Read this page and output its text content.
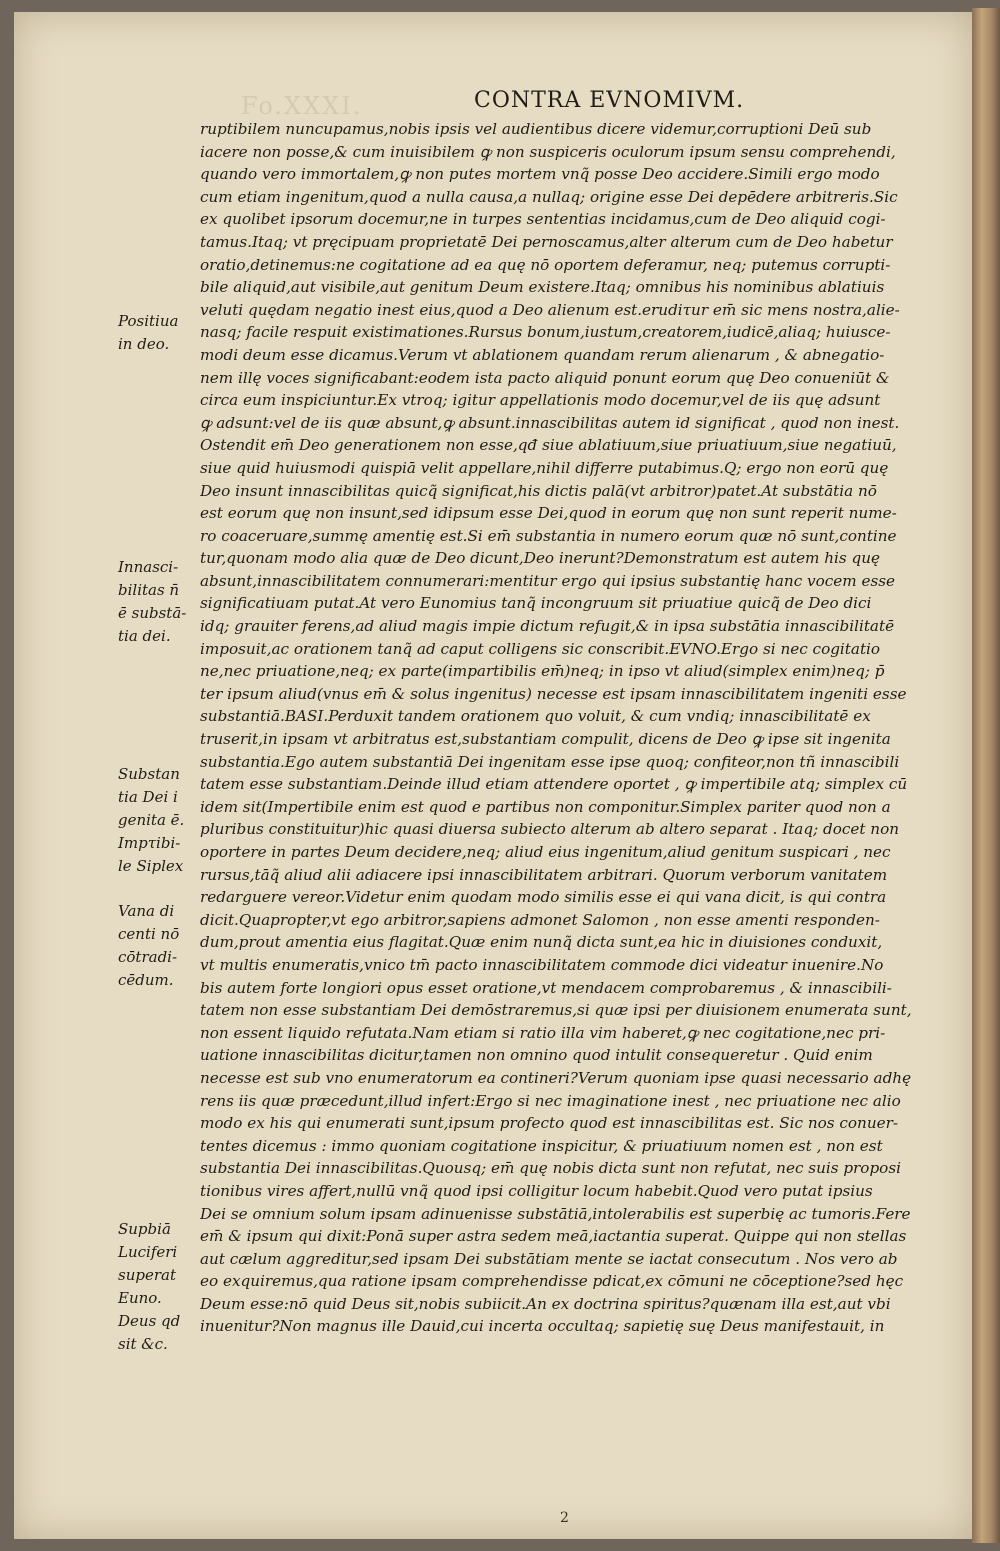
Fo.XXXI.	CONTRA EVNOMIVM.
ruptibilem nuncupamus,nobis ipsis vel audientibus dicere videmur,corruptioni Deū sub
iacere non posse,& cum inuisibilem ꝙ non suspiceris oculorum ipsum sensu comprehendi,
quando vero immortalem,ꝙ non putes mortem vnq̃ posse Deo accidere.Simili ergo modo
cum etiam ingenitum,quod a nulla causa,a nullaq; origine esse Dei depēdere arbitreris.Sic
ex quolibet ipsorum docemur,ne in turpes sententias incidamus,cum de Deo aliquid cogi-
tamus.Itaq; vt pręcipuam proprietatē Dei pernoscamus,alter alterum cum de Deo habetur
oratio,detinemus:ne cogitatione ad ea quę nō oporteт deferamur, neq; putemus corrupti-
bile aliquid,aut visibile,aut genitum Deum existere.Itaq; omnibus his nominibus ablatiuis
veluti quędam negatio inest eius,quod a Deo alienum est.erudiτur em̄ sic mens nostra,alie-
nasq; facile respuit existimationes.Rursus bonum,iustum,creatorem,iudicē,aliaq; huiusce-
modi deum esse dicamus.Verum vt ablationem quandam rerum alienarum , & abnegatio-
nem illę voces significabant:eodem ista pacto aliquid ponunt eorum quę Deo conueniūt &
circa eum inspiciuntur.Ex vtroq; igitur appellationis modo docemur,vel de iis quę adsunt
ꝙ adsunt:vel de iis quæ absunt,ꝙ absunt.innascibilitas autem id significat , quod non inest.
Ostendit em̄ Deo generationem non esse,qđ siue ablatiuum,siue priuatiuum,siue negatiuū,
siue quid huiusmodi quispiā velit appellare,nihil differre putabimus.Q; ergo non eorū quę
Deo insunt innascibilitas quicq̃ significat,his dictis palā(vt arbitror)patet.At substātia nō
est eorum quę non insunt,sed idipsum esse Dei,quod in eorum quę non sunt reperit nume-
ro coaceruare,summę amentię est.Si em̄ substantia in numero eorum quæ nō sunt,contine
tur,quonam modo alia quæ de Deo dicunt,Deo inerunt?Demonstratum est autem his quę
absunt,innascibilitatem connumerari:mentitur ergo qui ipsius substantię hanc vocem esse
significatiuam putat.At vero Eunomius tanq̃ incongruum sit priuatiue quicq̃ de Deo dici
idq; grauiter ferens,ad aliud magis impie dictum refugit,& in ipsa substātia innascibilitatē
imposuit,ac orationem tanq̃ ad caput colligens sic conscribit.EVNO.Ergo si nec cogitatio
ne,nec priuatione,neq; ex parte(impartibilis em̄)neq; in ipso vt aliud(simplex enim)neq; p̄
ter ipsum aliud(vnus em̄ & solus ingenitus) necesse est ipsam innascibilitatem ingeniti esse
substantiā.BASI.Perduxit tandem orationem quo voluit, & cum vndiq; innascibilitatē ex
truserit,in ipsam vt arbitratus est,substantiam compulit, dicens de Deo ꝙ ipse sit ingenita
substantia.Ego autem substantiā Dei ingenitam esse ipse quoq; confiteor,non tñ innascibili
tatem esse substantiam.Deinde illud etiam attendere oportet , ꝙ impertibile atq; simplex cū
idem sit(Impertibile enim est quod e partibus non componitur.Simplex pariter quod non a
pluribus constituitur)hic quasi diuersa subiecto alterum ab altero separat . Itaq; docet non
oportere in partes Deum decidere,neq; aliud eius ingenitum,aliud genitum suspicari , nec
rursus,tāq̃ aliud alii adiacere ipsi innascibilitatem arbitrari. Quorum verborum vanitatem
redarguere vereor.Videtur enim quodam modo similis esse ei qui vana dicit, is qui contra
dicit.Quapropter,vt ego arbitror,sapiens admonet Salomon , non esse amenti responden-
dum,prout amentia eius flagitat.Quæ enim nunq̃ dicta sunt,ea hic in diuisiones conduxit,
vt multis enumeratis,vnico tm̄ pacto innascibilitatem commode dici videatur inuenire.No
bis autem forte longiori opus esset oratione,vt mendacem comprobaremus , & innascibili-
tatem non esse substantiam Dei demōstraremus,si quæ ipsi per diuisionem enumerata sunt,
non essent liquido refutata.Nam etiam si ratio illa vim haberet,ꝙ nec cogitatione,nec pri-
uatione innascibilitas dicitur,tamen non omnino quod intulit consequeretur . Quid enim
necesse est sub vno enumeratorum ea contineri?Verum quoniam ipse quasi necessario adhę
rens iis quæ præcedunt,illud infert:Ergo si nec imaginatione inest , nec priuatione nec alio
modo ex his qui enumerati sunt,ipsum profecto quod est innascibilitas est. Sic nos conuer-
tentes dicemus : immo quoniam cogitatione inspicitur, & priuatiuum nomen est , non est
substantia Dei innascibilitas.Quousq; em̄ quę nobis dicta sunt non refutat, nec suis proposi
tionibus vires affert,nullū vnq̃ quod ipsi colligitur locum habebit.Quod vero putat ipsius
Dei se omnium solum ipsam adinuenisse substātiā,intolerabilis est superbię ac tumoris.Fere
em̄ & ipsum qui dixit:Ponā super astra sedem meā,iactantia superat. Quippe qui non stellas
aut cælum aggreditur,sed ipsam Dei substātiam mente se iactat consecutum . Nos vero ab
eo exquiremus,qua ratione ipsam comprehendisse pdicat,ex cōmuni ne cōceptione?sed hęc
Deum esse:nō quid Deus sit,nobis subiicit.An ex doctrina spiritus?quænam illa est,aut vbi
inuenitur?Non magnus ille Dauid,cui incerta occultaq; sapietię suę Deus manifestauit, in
Positiua
in deo.
Innasci-
bilitas n̄
ē substā-
tia dei.
Substan
tia Dei i
genita ē.
Impτibi-
le Siplex
Vana di
centi nō
cōtradi-
cēdum.
Supbiā
Luciferi
superat
Euno.
Deus qd
sit &c.
2
